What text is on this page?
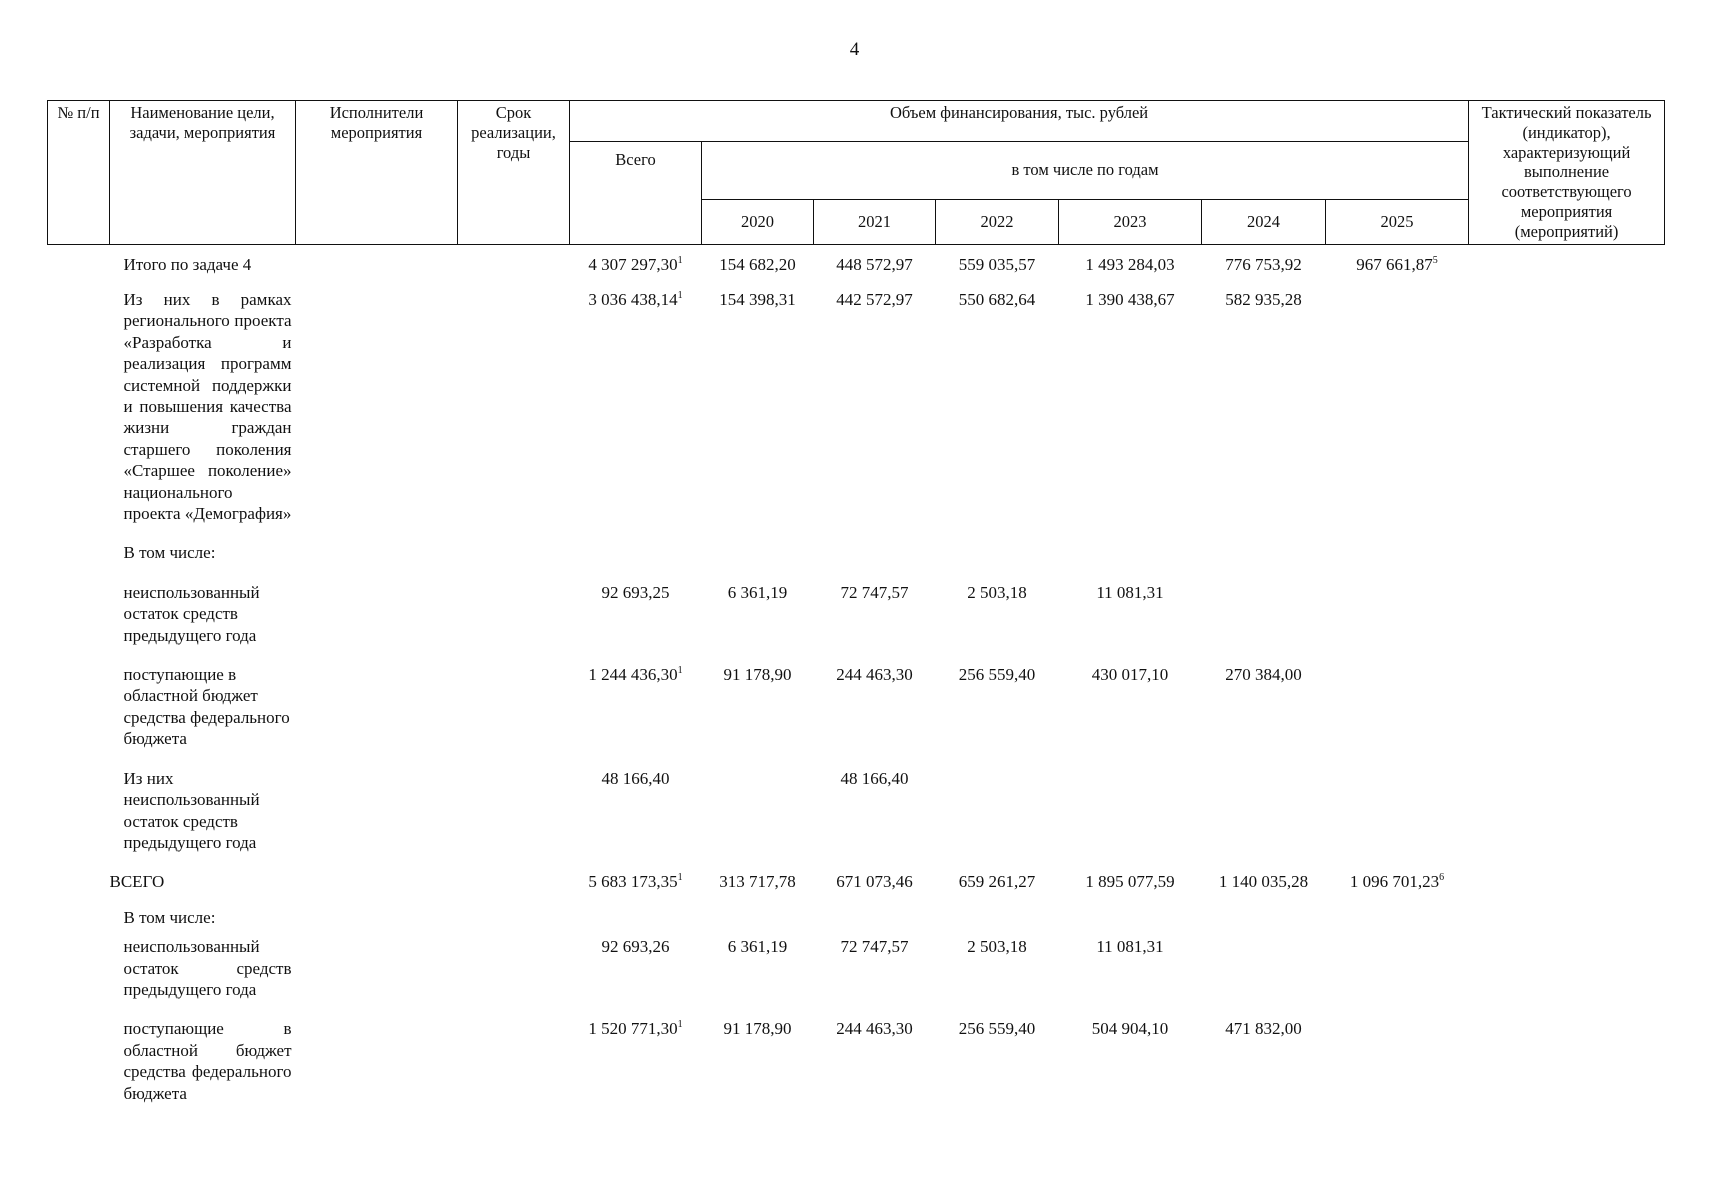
4
№ п/п	Наименование цели, задачи, мероприятия	Исполнители мероприятия	Срок реализации, годы	Объем финансирования, тыс. рублей							Тактический показатель (индикатор), характеризующий выполнение соответствующего мероприятия (мероприятий)
				Всего	в том числе по годам						
					2020	2021	2022	2023	2024	2025	
	Итого по задаче 4			4 307 297,30$^1$	154 682,20	448 572,97	559 035,57	1 493 284,03	776 753,92	967 661,87$^5$	
	Из них в рамках регионального проекта «Разработка и реализация программ системной поддержки и повышения качества жизни граждан старшего поколения «Старшее поколение» национального проекта «Демография»			3 036 438,14$^1$	154 398,31	442 572,97	550 682,64	1 390 438,67	582 935,28		
	В том числе:										
	неиспользованный остаток средств предыдущего года			92 693,25	6 361,19	72 747,57	2 503,18	11 081,31			
	поступающие в областной бюджет средства федерального бюджета			1 244 436,30$^1$	91 178,90	244 463,30	256 559,40	430 017,10	270 384,00		
	Из них неиспользованный остаток средств предыдущего года			48 166,40		48 166,40					
	ВСЕГО			5 683 173,35$^1$	313 717,78	671 073,46	659 261,27	1 895 077,59	1 140 035,28	1 096 701,23$^6$	
	В том числе:										
	неиспользованный остаток средств предыдущего года			92 693,26	6 361,19	72 747,57	2 503,18	11 081,31			
	поступающие в областной бюджет средства федерального бюджета			1 520 771,30$^1$	91 178,90	244 463,30	256 559,40	504 904,10	471 832,00		
